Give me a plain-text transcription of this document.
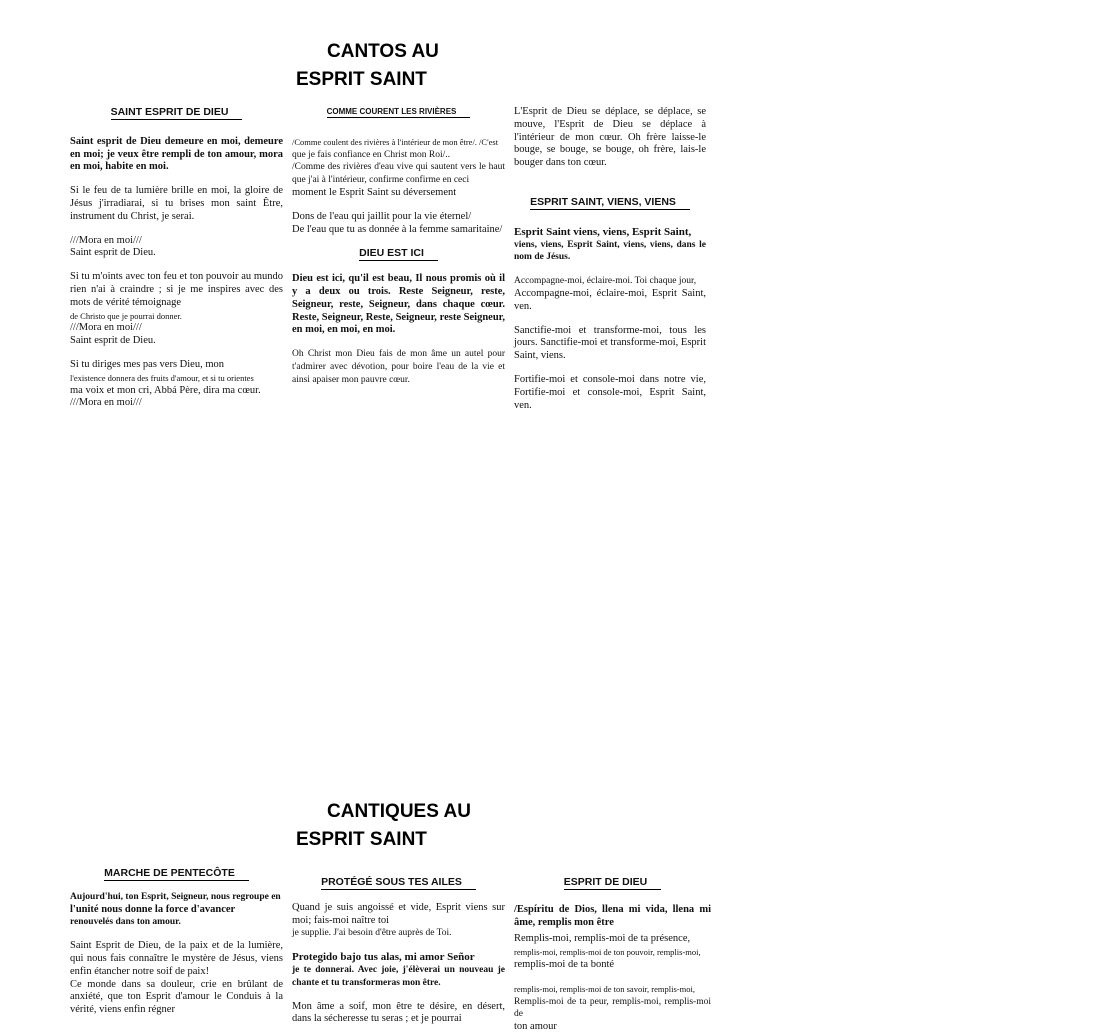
CANTOS AU
ESPRIT SAINT
SAINT ESPRIT DE DIEU

Saint esprit de Dieu demeure en moi, demeure en moi; je veux être rempli de ton amour, mora en moi, habite en moi.

Si le feu de ta lumière brille en moi, la gloire de Jésus j'irradiarai, si tu brises mon saint Être, instrument du Christ, je serai.

///Mora en moi///

Saint esprit de Dieu.

Si tu m'oints avec ton feu et ton pouvoir au mundo rien n'ai à craindre ; si je me inspires avec des mots de vérité témoignage

de Christo que je pourrai donner.

///Mora en moi///

Saint esprit de Dieu.

Si tu diriges mes pas vers Dieu, mon

l'existence donnera des fruits d'amour, et si tu orientes

ma voix et mon cri, Abbá Père, dira ma cœur.

///Mora en moi///

COMME COURENT LES RIVIÈRES

/Comme coulent des rivières à l'intérieur de mon être/. /C'est

que je fais confiance en Christ mon Roi/..

/Comme des rivières d'eau vive qui sautent vers le haut que j'ai à l'intérieur, confirme confirme en ceci

moment le Esprit Saint su déversement

Dons de l'eau qui jaillit pour la vie éternel/

De l'eau que tu as donnée à la femme samaritaine/

DIEU EST ICI

Dieu est ici, qu'il est beau, Il nous promis où il y a deux ou trois. Reste Seigneur, reste, Seigneur, reste, Seigneur, dans chaque cœur. Reste, Seigneur, Reste, Seigneur, reste Seigneur, en moi, en moi, en moi.

Oh Christ mon Dieu fais de mon âme un autel pour t'admirer avec dévotion, pour boire l'eau de la vie et ainsi apaiser mon pauvre cœur.

L'Esprit de Dieu se déplace, se déplace, se mouve, l'Esprit de Dieu se déplace à l'intérieur de mon cœur. Oh frère laisse-le bouge, se bouge, se bouge, oh frère, lais-le bouger dans ton cœur.

ESPRIT SAINT, VIENS, VIENS

Esprit Saint viens, viens, Esprit Saint,

viens, viens, Esprit Saint, viens, viens, dans le nom de Jésus.

Accompagne-moi, éclaire-moi. Toi chaque jour,

Accompagne-moi, éclaire-moi, Esprit Saint, ven.

Sanctifie-moi et transforme-moi, tous les jours. Sanctifie-moi et transforme-moi, Esprit Saint, viens.

Fortifie-moi et console-moi dans notre vie, Fortifie-moi et console-moi, Esprit Saint, ven.

CANTIQUES AU
ESPRIT SAINT
MARCHE DE PENTECÔTE

Aujourd'hui, ton Esprit, Seigneur, nous regroupe en

l'unité nous donne la force d'avancer

renouvelés dans ton amour.

Saint Esprit de Dieu, de la paix et de la lumière, qui nous fais connaître le mystère de Jésus, viens enfin étancher notre soif de paix!

Ce monde dans sa douleur, crie en brûlant de anxiété, que ton Esprit d'amour le Conduis à la vérité, viens enfin régner

PROTÉGÉ SOUS TES AILES

Quand je suis angoissé et vide, Esprit viens sur moi; fais-moi naître toi

je supplie. J'ai besoin d'être auprès de Toi.

Protegido bajo tus alas, mi amor Señor

je te donnerai. Avec joie, j'élèverai un nouveau je chante et tu transformeras mon être.

Mon âme a soif, mon être te désire, en désert, dans la sécheresse tu seras ; et je pourrai

ESPRIT DE DIEU

/Espíritu de Dios, llena mi vida, llena mi âme, remplis mon être

Remplis-moi, remplis-moi de ta présence,

remplis-moi, remplis-moi de ton pouvoir, remplis-moi,

remplis-moi de ta bonté

remplis-moi, remplis-moi de ton savoir, remplis-moi,

Remplis-moi de ta peur, remplis-moi, remplis-moi de

ton amour
